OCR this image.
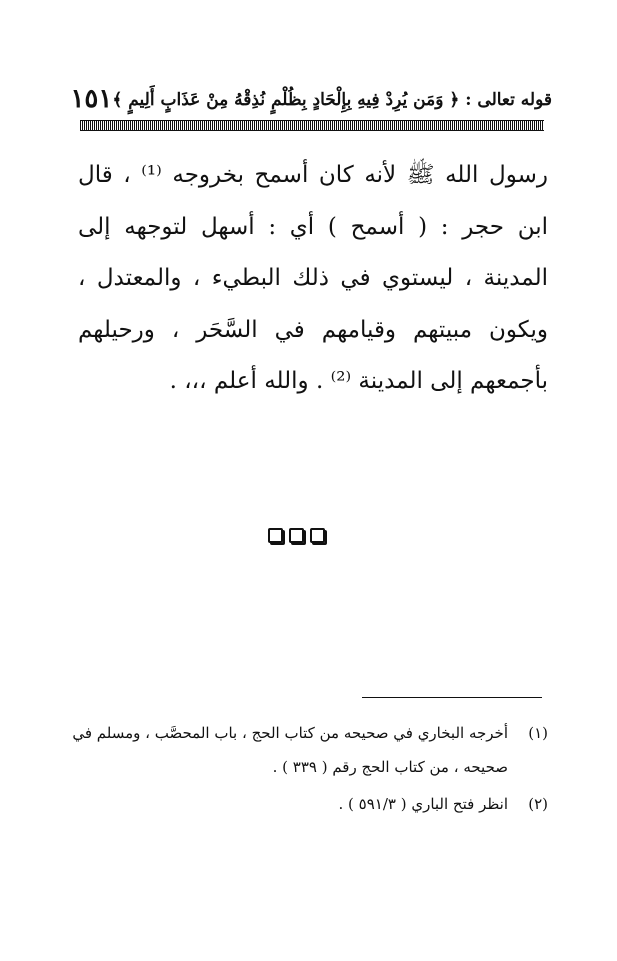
قوله تعالى : ﴿ وَمَن يُرِدْ فِيهِ بِإِلْحَادٍ بِظُلْمٍ نُذِقْهُ مِنْ عَذَابٍ أَلِيمٍ ﴾
١٥١

رسول الله ﷺ لأنه كان أسمح بخروجه ⁽¹⁾ ، قال ابن حجر : ( أسمح ) أي : أسهل لتوجهه إلى المدينة ، ليستوي في ذلك البطيء ، والمعتدل ، ويكون مبيتهم وقيامهم في السَّحَر ، ورحيلهم بأجمعهم إلى المدينة ⁽²⁾ . والله أعلم ،،، .

(١)
أخرجه البخاري في صحيحه من كتاب الحج ، باب المحصَّب ، ومسلم في صحيحه ، من كتاب الحج رقم ( ٣٣٩ ) .
(٢)
انظر فتح الباري ( ٥٩١/٣ ) .
